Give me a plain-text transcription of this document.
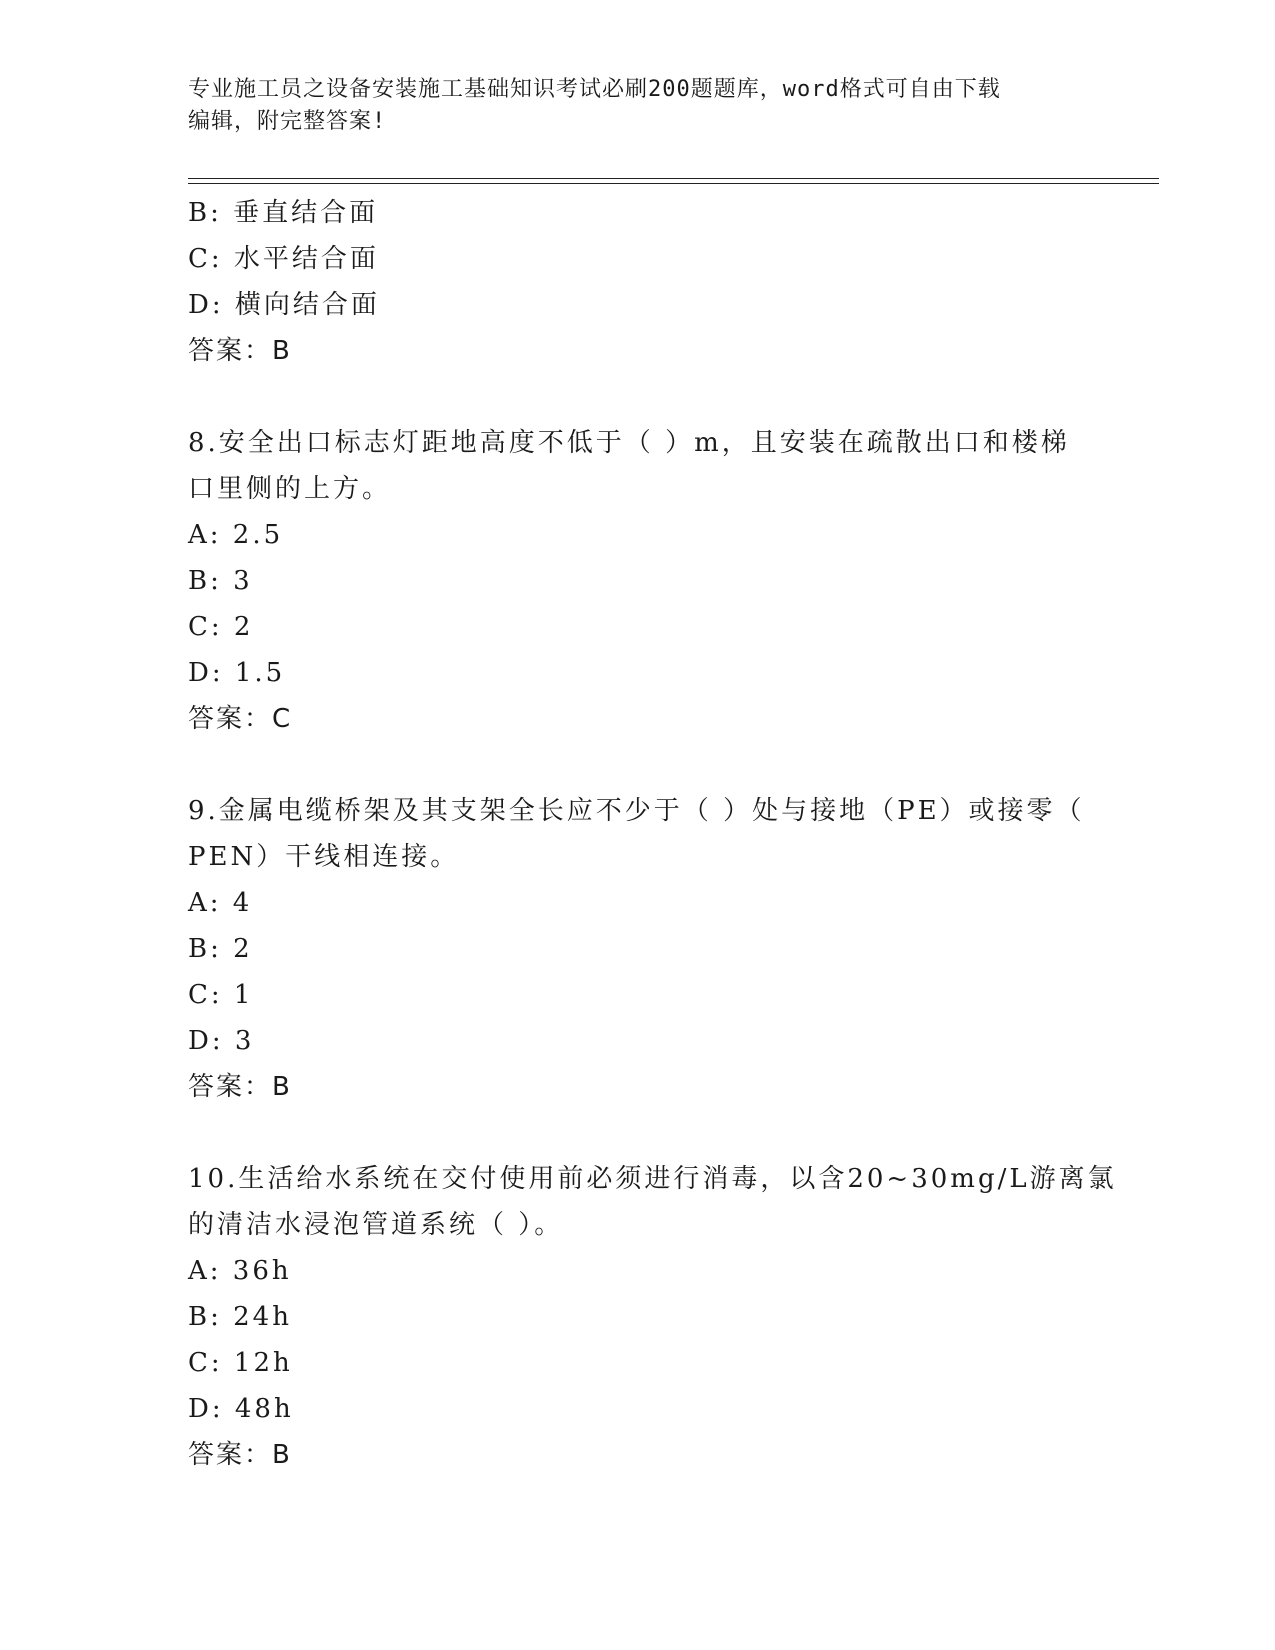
专业施工员之设备安装施工基础知识考试必刷200题题库，word格式可自由下载
编辑，附完整答案!
B: 垂直结合面
C: 水平结合面
D: 横向结合面
答案：B
8.安全出口标志灯距地高度不低于（ ）m，且安装在疏散出口和楼梯
口里侧的上方。
A: 2.5
B: 3
C: 2
D: 1.5
答案：C
9.金属电缆桥架及其支架全长应不少于（ ）处与接地（PE）或接零（
PEN）干线相连接。
A: 4
B: 2
C: 1
D: 3
答案：B
10.生活给水系统在交付使用前必须进行消毒，以含20~30mg/L游离氯
的清洁水浸泡管道系统（ ）。
A: 36h
B: 24h
C: 12h
D: 48h
答案：B
